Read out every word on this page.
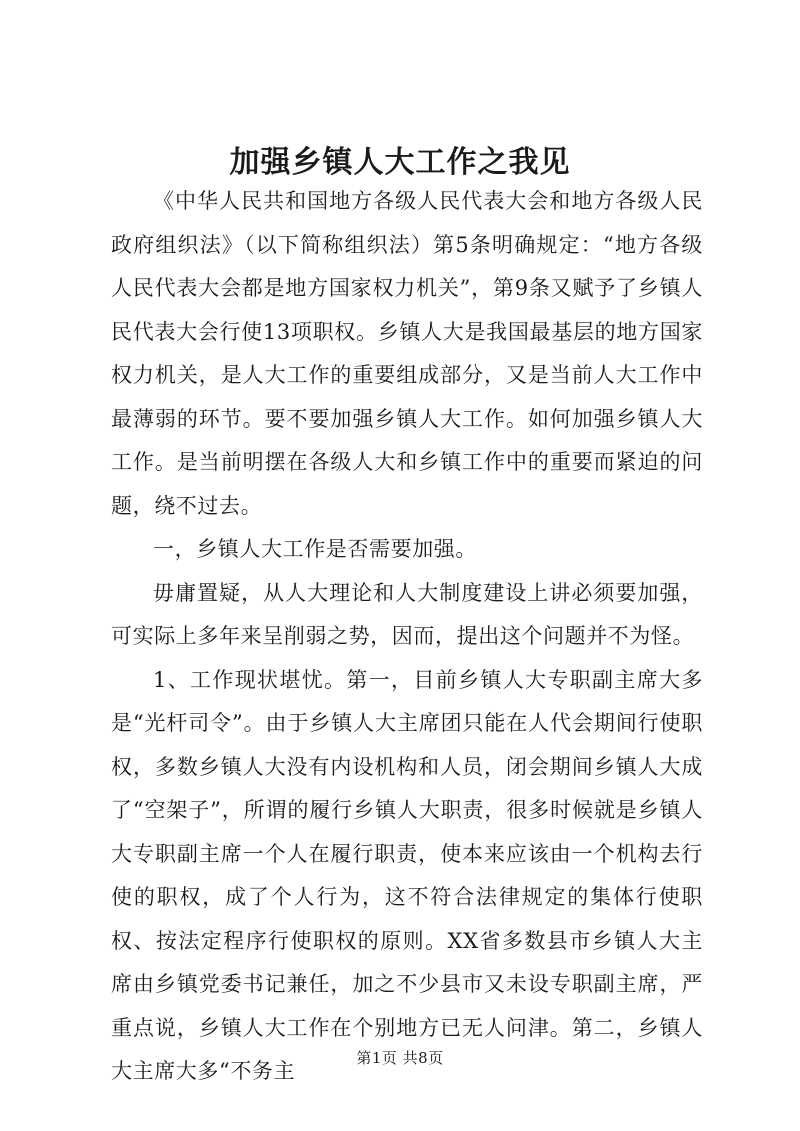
加强乡镇人大工作之我见

《中华人民共和国地方各级人民代表大会和地方各级人民政府组织法》（以下简称组织法）第5条明确规定：“地方各级人民代表大会都是地方国家权力机关”，第9条又赋予了乡镇人民代表大会行使13项职权。乡镇人大是我国最基层的地方国家权力机关，是人大工作的重要组成部分，又是当前人大工作中最薄弱的环节。要不要加强乡镇人大工作。如何加强乡镇人大工作。是当前明摆在各级人大和乡镇工作中的重要而紧迫的问题，绕不过去。

一，乡镇人大工作是否需要加强。

毋庸置疑，从人大理论和人大制度建设上讲必须要加强，可实际上多年来呈削弱之势，因而，提出这个问题并不为怪。

1、工作现状堪忧。第一，目前乡镇人大专职副主席大多是“光杆司令”。由于乡镇人大主席团只能在人代会期间行使职权，多数乡镇人大没有内设机构和人员，闭会期间乡镇人大成了“空架子”，所谓的履行乡镇人大职责，很多时候就是乡镇人大专职副主席一个人在履行职责，使本来应该由一个机构去行使的职权，成了个人行为，这不符合法律规定的集体行使职权、按法定程序行使职权的原则。XX省多数县市乡镇人大主席由乡镇党委书记兼任，加之不少县市又未设专职副主席，严重点说，乡镇人大工作在个别地方已无人问津。第二，乡镇人大主席大多“不务主

第1页 共8页
